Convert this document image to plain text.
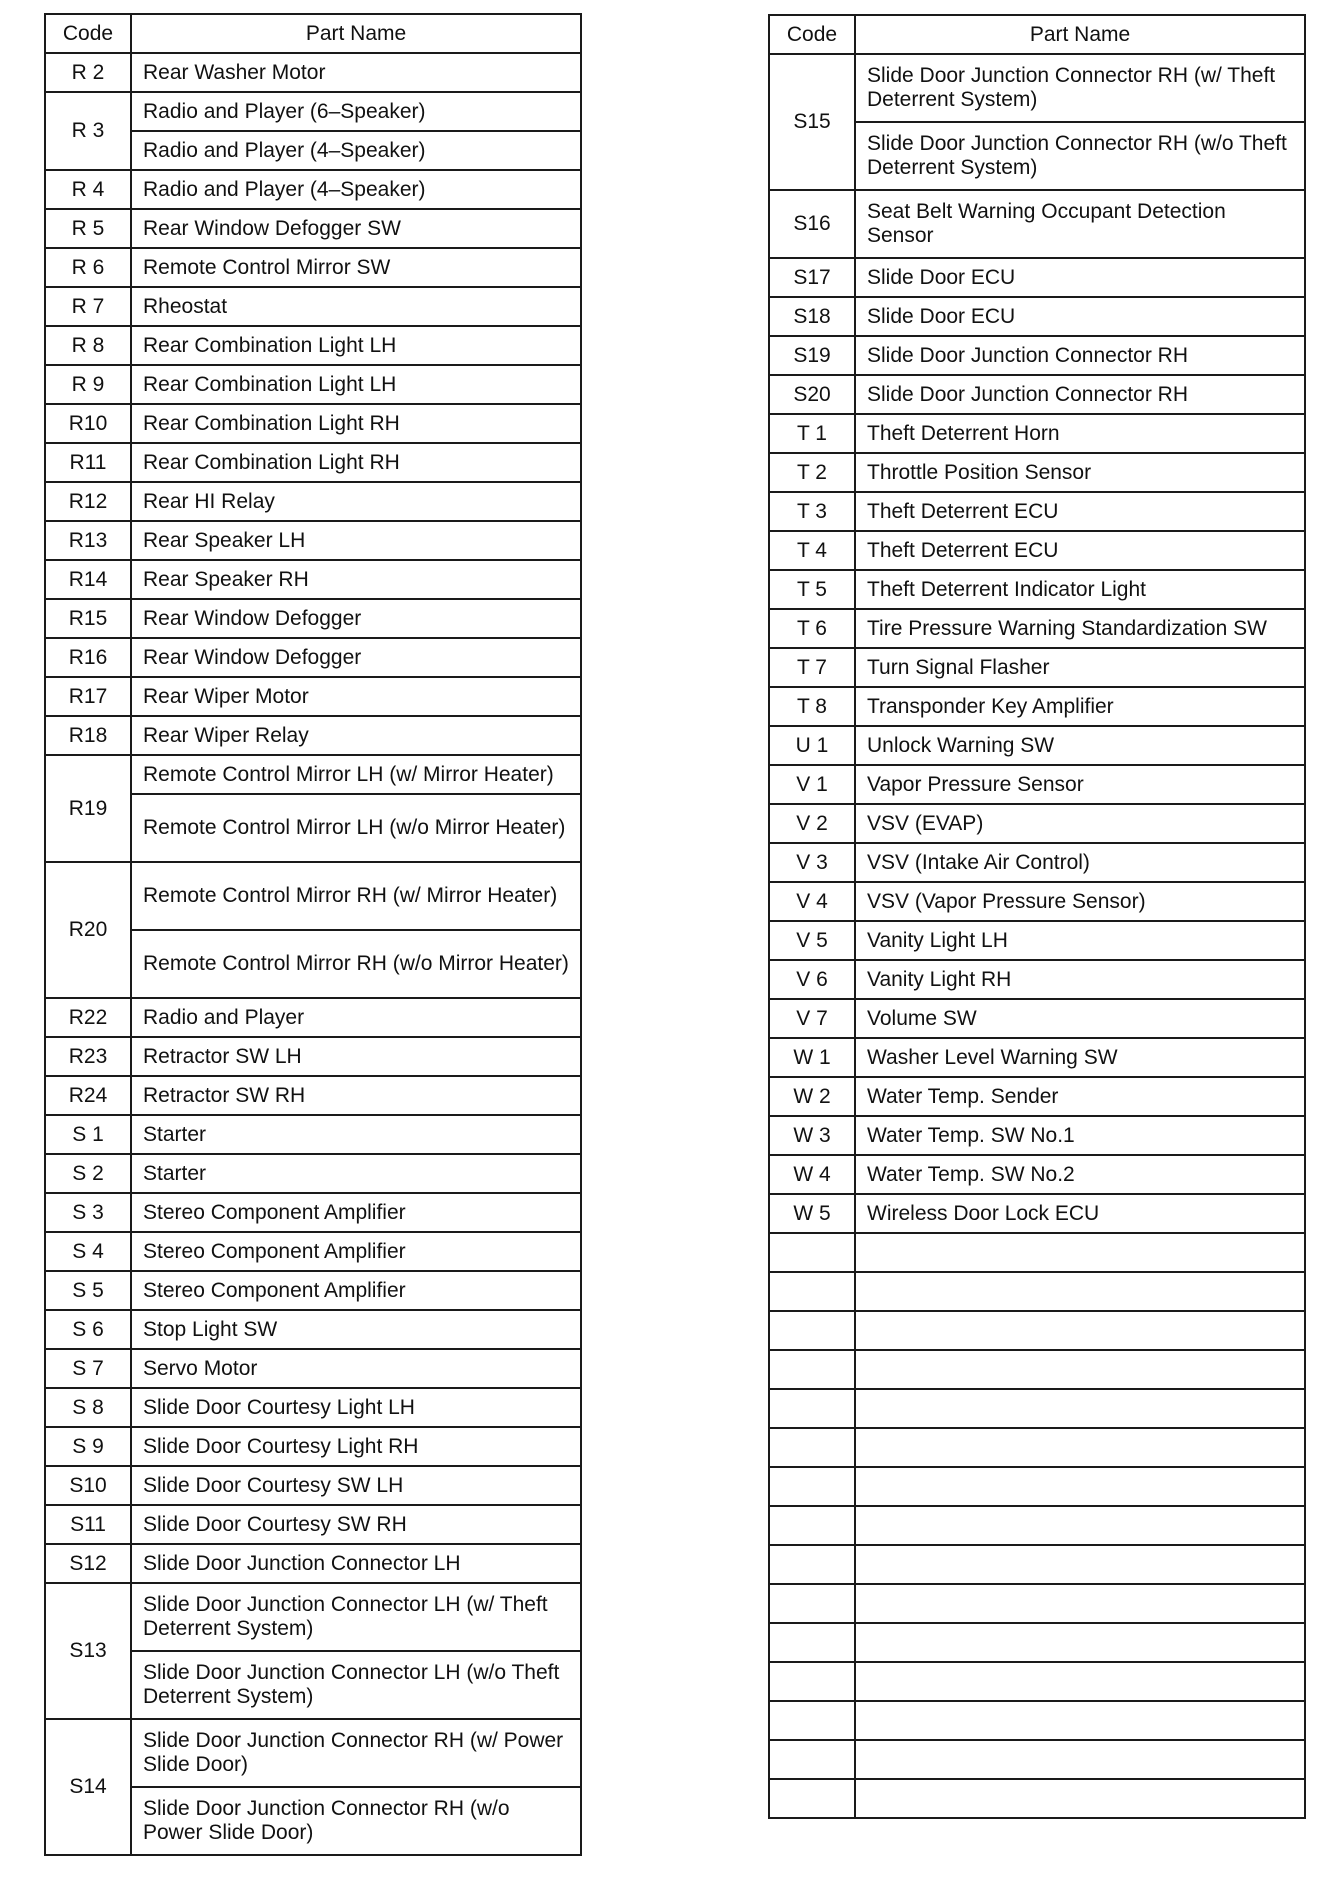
Code	Part Name
R 2	Rear Washer Motor
R 3	Radio and Player (6–Speaker)
	Radio and Player (4–Speaker)
R 4	Radio and Player (4–Speaker)
R 5	Rear Window Defogger SW
R 6	Remote Control Mirror SW
R 7	Rheostat
R 8	Rear Combination Light LH
R 9	Rear Combination Light LH
R10	Rear Combination Light RH
R11	Rear Combination Light RH
R12	Rear HI Relay
R13	Rear Speaker LH
R14	Rear Speaker RH
R15	Rear Window Defogger
R16	Rear Window Defogger
R17	Rear Wiper Motor
R18	Rear Wiper Relay
R19	Remote Control Mirror LH (w/ Mirror Heater)
	Remote Control Mirror LH (w/o Mirror Heater)
R20	Remote Control Mirror RH (w/ Mirror Heater)
	Remote Control Mirror RH (w/o Mirror Heater)
R22	Radio and Player
R23	Retractor SW LH
R24	Retractor SW RH
S 1	Starter
S 2	Starter
S 3	Stereo Component Amplifier
S 4	Stereo Component Amplifier
S 5	Stereo Component Amplifier
S 6	Stop Light SW
S 7	Servo Motor
S 8	Slide Door Courtesy Light LH
S 9	Slide Door Courtesy Light RH
S10	Slide Door Courtesy SW LH
S11	Slide Door Courtesy SW RH
S12	Slide Door Junction Connector LH
S13	Slide Door Junction Connector LH (w/ Theft Deterrent System)
	Slide Door Junction Connector LH (w/o Theft Deterrent System)
S14	Slide Door Junction Connector RH (w/ Power Slide Door)
	Slide Door Junction Connector RH (w/o Power Slide Door)
Code	Part Name
S15	Slide Door Junction Connector RH (w/ Theft Deterrent System)
	Slide Door Junction Connector RH (w/o Theft Deterrent System)
S16	Seat Belt Warning Occupant Detection Sensor
S17	Slide Door ECU
S18	Slide Door ECU
S19	Slide Door Junction Connector RH
S20	Slide Door Junction Connector RH
T 1	Theft Deterrent Horn
T 2	Throttle Position Sensor
T 3	Theft Deterrent ECU
T 4	Theft Deterrent ECU
T 5	Theft Deterrent Indicator Light
T 6	Tire Pressure Warning Standardization SW
T 7	Turn Signal Flasher
T 8	Transponder Key Amplifier
U 1	Unlock Warning SW
V 1	Vapor Pressure Sensor
V 2	VSV (EVAP)
V 3	VSV (Intake Air Control)
V 4	VSV (Vapor Pressure Sensor)
V 5	Vanity Light LH
V 6	Vanity Light RH
V 7	Volume SW
W 1	Washer Level Warning SW
W 2	Water Temp. Sender
W 3	Water Temp. SW No.1
W 4	Water Temp. SW No.2
W 5	Wireless Door Lock ECU
